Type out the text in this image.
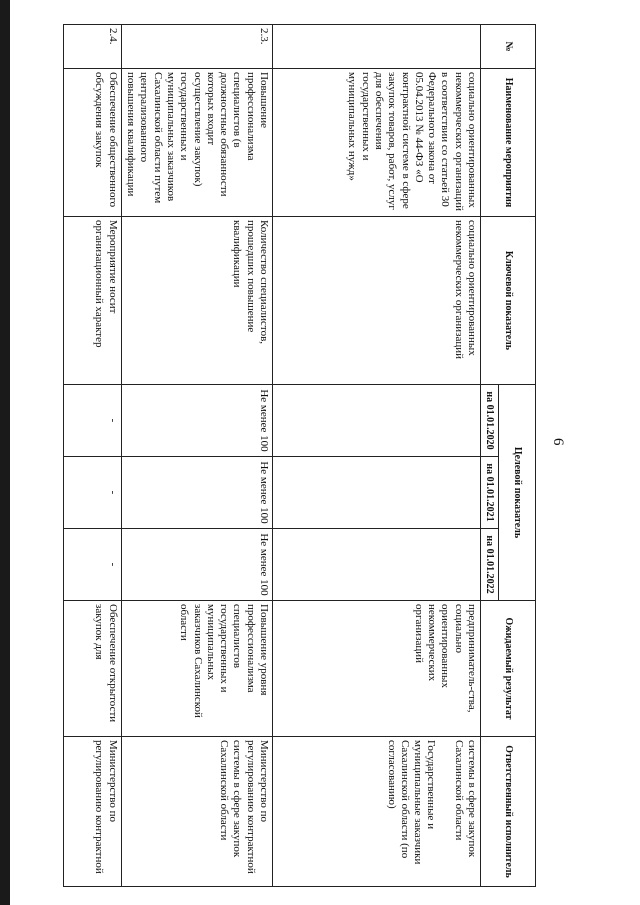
6
№	Наименование мероприятия	Ключевой показатель	Целевой показатель			Ожидаемый результат	Ответственный исполнитель
			на 01.01.2020	на 01.01.2021	на 01.01.2022		
	социально ориентированных некоммерческих организаций в соответствии со статьей 30 Федерального закона от 05.04.2013 № 44-ФЗ «О контрактной системе в сфере закупок товаров, работ, услуг для обеспечения государственных и муниципальных нужд»	социально ориентированных некоммерческих организаций				предприниматель-ства, социально ориентированных некоммерческих организаций	системы в сфере закупок Сахалинской области
Государственные и муниципальные заказчики Сахалинской области (по согласованию)

2.3.	Повышение профессионализма специалистов (в должностные обязанности которых входит осуществление закупок) государственных и муниципальных заказчиков Сахалинской области путем централизованного повышения квалификации	Количество специалистов, прошедших повышение квалификации	Не менее 100	Не менее 100	Не менее 100	Повышение уровня профессионализма специалистов государственных и муниципальных заказчиков Сахалинской области	Министерство по регулированию контрактной системы в сфере закупок Сахалинской области
2.4.	Обеспечение общественного обсуждения закупок	Мероприятие носит организационный характер	-	-	-	Обеспечение открытости закупок для	Министерство по регулированию контрактной
